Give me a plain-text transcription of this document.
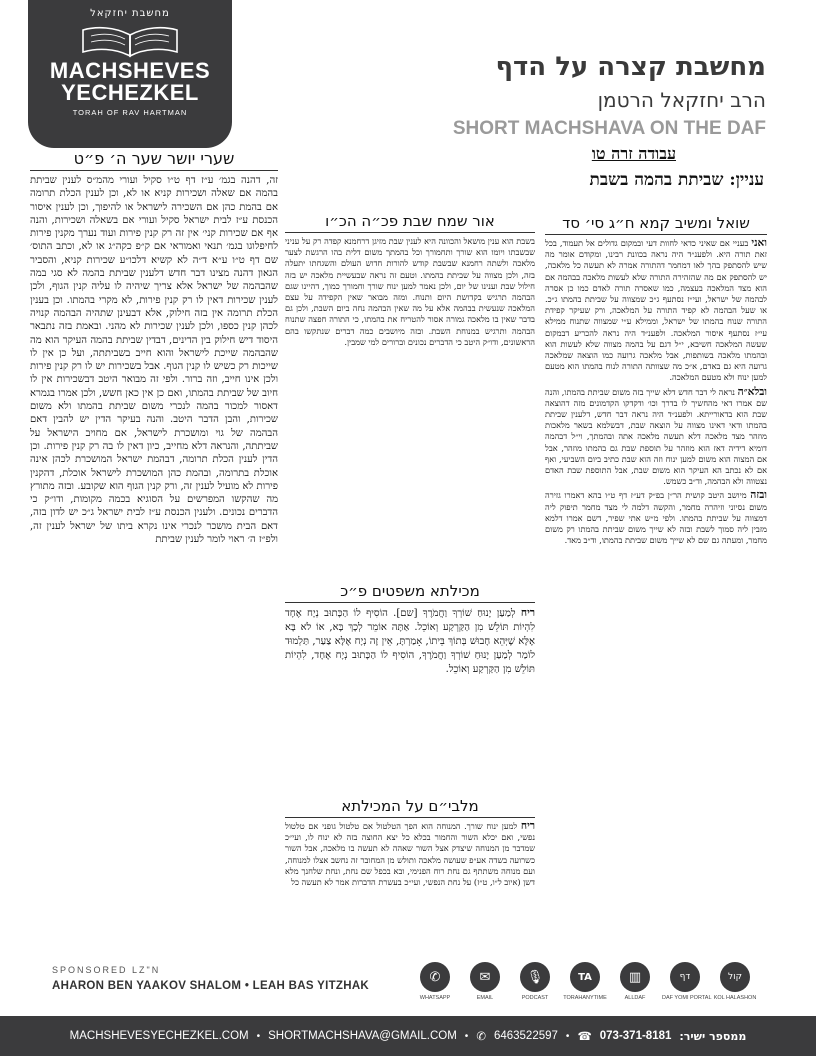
מחשבת יחזקאל
MACHSHEVES
YECHEZKEL
TORAH OF RAV HARTMAN
מחשבת קצרה על הדף
הרב יחזקאל הרטמן
SHORT MACHSHAVA ON THE DAF
עבודה זרה טו
עניין: שביתת בהמה בשבת
שואל ומשיב קמא ח״ג סי׳ סד

ואני בעניי אם שאיני כדאי לחוות דעי ובמקום גדולים אל תעמוד, בכל זאת תורה היא. ולפענ״ד היה נראה בכוונת רבינו, ומקודם אומר מה שיש להסתפק בהך לאו דמחמר דהתורה אמרה לא תעשה כל מלאכה, יש להסתפק אם מה שהזהירה התורה שלא לעשות מלאכה בבהמה אם הוא מצד המלאכה בעצמה, כמו שאסרה תורה לאדם כמו כן אסרה לבהמה של ישראל, ועי״ז נסתעף ג״כ שמצווה על שביתת בהמתו ג״כ. או שעל הבהמה לא קפיד התורה על המלאכה, ורק שעיקר קפידת התורה שנוח בהמתו של ישראל, וממילא ע״י שמצווה שתנוח ממילא עי״ז נסתעף איסור המלאכה. ולפענ״ד היה נראה להכריע דבמקום שעשה המלאכה חשיבא, י״ל דגם על בהמה מצווה שלא לעשות הוא ובהמתו מלאכה בשותפות, אבל מלאכה גרועה כמו הוצאה שמלאכה גרועה היא גם באדם, א״כ מה שצוותה התורה לנוח בהמתו הוא מטעם למען ינוח ולא מטעם המלאכה.

ובלא״ה נראה לי דבר חדש דלא שייך בזה משום שביתת בהמתו, והנה שם אמרו דאי מהחשיך לו בדרך וכו׳ ודקדקו הקדמונים מזה דהוצאה שבת הוא בדאורייתא. ולפענ״ד היה נראה דבר חדש, דלענין שביתת בהמתו ודאי דאינו מצווה על הוצאה שבת, דבשלמא בשאר מלאכות מוזהר מצד מלאכה דלא תעשה מלאכה אתה ובהמתך, וי״ל דבהמה דומיא דידיה דאז הוא מוזהר על תוספת שבת גם בהמתו מוזהר, אבל אם המצוה הוא משום למען ינוח וזה הוא שבת כתיב ביום השביעי, ואף אם לא נכתב הא העיקר הוא משום שבת, אבל התוספת שבת האדם נצטווה ולא הבהמה, וד״ב כשמש.

ובזה מיושב היטב קושית הר״ן בפ״ק דע״ז דף ט״ו בהא דאמרו גזירה משום נסיוני וזיהרה מחמר, והקשה דלמה לי מצד מחמר תיפוק ליה דמצווה על שביתת בהמתו. ולפי מ״ש אתי שפיר, דשם אמרו דלמא מזבין ליה סמוך לשבת ובזה לא שייך משום שביתת בהמתו רק משום מחמר, ומעתה גם שם לא שייך משום שביתת בהמתו, וד״ב מאד.

אור שמח שבת פכ״ה הכ״ו

בשבת הוא ענין מושאל והכוונה היא לענין שבת מזיגן דרחמנא קפדה רק על עניני שבשבתו ויומו הוא שורך ותחמורך וכל בהמתך משום דלית בהו הרגשת לצער מלאכה ולשתה רחמנא שבשבת קודש להורות חדוש העולם והשגחתו יתעלה בזה, ולכן מצווה על שביתת בהמתו. וטעם זה נראה שבעשיית מלאכה יש בזה חילול שבת וענינו של יום, ולכן נאמר למען ינוח שורך וחמורך כמוך, דהיינו שגם הבהמה תרגיש בקדושת היום ותנוח. ומזה מבואר שאין הקפידה על עצם המלאכה שנעשית בבהמה אלא על מה שאין הבהמה נחה ביום השבת, ולכן גם בדבר שאין בו מלאכה גמורה אסור להטריח את בהמתו, כי התורה חפצה שתנוח הבהמה ותרגיש במנוחת השבת. ובזה מיושבים כמה דברים שנתקשו בהם הראשונים, ודו״ק היטב כי הדברים נכונים וברורים למי שמבין.

מכילתא משפטים פ״כ

ריח לְמַעַן יָנוּחַ שׁוֹרְךָ וַחֲמֹרֶךָ [שם]. הוֹסִיף לוֹ הַכָּתוּב נְיָח אֶחָד לִהְיוֹת תּוֹלֵשׁ מִן הַקַּרְקַע וְאוֹכֵל. אַתָּה אוֹמֵר לְכָךְ בָּא, אוֹ לֹא בָּא אֶלָּא שֶׁיְּהֵא חָבוּשׁ בְּתוֹךְ בֵּיתוֹ, אָמַרְתָּ, אֵין זֶה נְיָח אֶלָּא צַעַר, תַּלְמוּד לוֹמַר לְמַעַן יָנוּחַ שׁוֹרְךָ וַחֲמֹרֶךָ, הוֹסִיף לוֹ הַכָּתוּב נְיָח אֶחָד, לִהְיוֹת תּוֹלֵשׁ מִן הַקַּרְקַע וְאוֹכֵל.

מלבי״ם על המכילתא

ריח למען ינוח שורך. המנוחה הוא הפך הטלטול אם טלטול גופני אם טלטול נפשי, ואם יכלא השור והחמור בכלא כל יצא החוצה בזה לא ינוח לו, ועי״כ שמדבר מן המנוחה שיצדק אצל השור שאהה לא תעשה בו מלאכה, אבל השור כשרועה בשדה אע״פ שעושה מלאכה ותולש מן המחובר זה נחשב אצלו למנוחה, ועם מנוחה משתתף גם נחת רוח הפנימי, ובא בכפל שם נחת, ונחת שלחנך מלא דשן (איוב ל״ו, ט״ז) על נחת הנפשי, ועי״כ בעשרת הדברות אמר לא תעשה כל

שערי יושר שער ה׳ פ״ט

זה, דהנה בגמ׳ ע״ז דף ט״ו סקיל ועורי מהמ״ס לענין שביתת בהמה אם שאלה ושכירות קניא או לא, וכן לענין הכלת תרומה אם בהמת כהן אם השכירה לישראל או להיפוך, וכן לענין איסור הכנסת ע״ז לבית ישראל סקיל ועורי אם בשאלה ושכירות, והנה אף אם שכירות קני׳ אין זה רק קנין פירות ועוד נערך מקנין פירות לחיפלוגו בגמ׳ תנאי ואמוראי אם ק״פ כקה״ג או לא, וכתב התוס׳ שם דף ט״ו ע״א ד״ה לא קשיא דלכו״ע שכירות קניא, והסביר הגאון דהנה מצינו דבר חדש דלענין שביתת בהמה לא סגי במה שהבהמה של ישראל אלא צריך שיהיה לו עליה קנין הגוף, ולכן לענין שכירות דאין לו רק קנין פירות, לא מקרי בהמתו. וכן בענין הכלת תרומה אין בזה חילוק, אלא דבעינן שתהיה הבהמה קנויה לכהן קנין כספו, ולכן לענין שכירות לא מהני. ובאמת בזה נתבאר היסוד דיש חילוק בין הדינים, דבדין שביתת בהמה העיקר הוא מה שהבהמה שייכת לישראל והוא חייב בשביתתה, ועל כן אין לו שייכות רק כשיש לו קנין הגוף. אבל בשכירות יש לו רק קנין פירות ולכן אינו חייב, וזה ברור. ולפי זה מבואר היטב דבשכירות אין לו חיוב של שביתת בהמתו, ואם כן אין כאן חשש, ולכן אמרו בגמרא דאסור למכור בהמה לנכרי משום שביתת בהמתו ולא משום שכירות, והבן הדבר היטב. והנה בעיקר הדין יש להבין דאם הבהמה של גוי ומושכרת לישראל, אם מחויב הישראל על שביתתה, והנראה דלא מחייב, כיון דאין לו בה רק קנין פירות. וכן הדין לענין הכלת תרומה, דבהמת ישראל המושכרת לכהן אינה אוכלת בתרומה, ובהמת כהן המושכרת לישראל אוכלת, דהקנין פירות לא מועיל לענין זה, ורק קנין הגוף הוא שקובע. ובזה מתורץ מה שהקשו המפרשים על הסוגיא בכמה מקומות, ודו״ק כי הדברים נכונים. ולענין הכנסת ע״ז לבית ישראל ג״כ יש לדון בזה, דאם הבית מושכר לנכרי אינו נקרא ביתו של ישראל לענין זה, ולפ״ז ה׳ ראוי לומר לענין שביתת

SPONSORED LZ"N
AHARON BEN YAAKOV SHALOM • LEAH BAS YITZHAK
✆
WHATSAPP
✉
EMAIL
🎙
PODCAST
TA
TORAHANYTIME
▥
ALLDAF
דף
DAF YOMI PORTAL
קול
KOL HALASHON
MACHSHEVESYECHEZKEL.COM • SHORTMACHSHAVA@GMAIL.COM • ✆ 6463522597 • ☎ 073-371-8181 ממספר ישיר:
